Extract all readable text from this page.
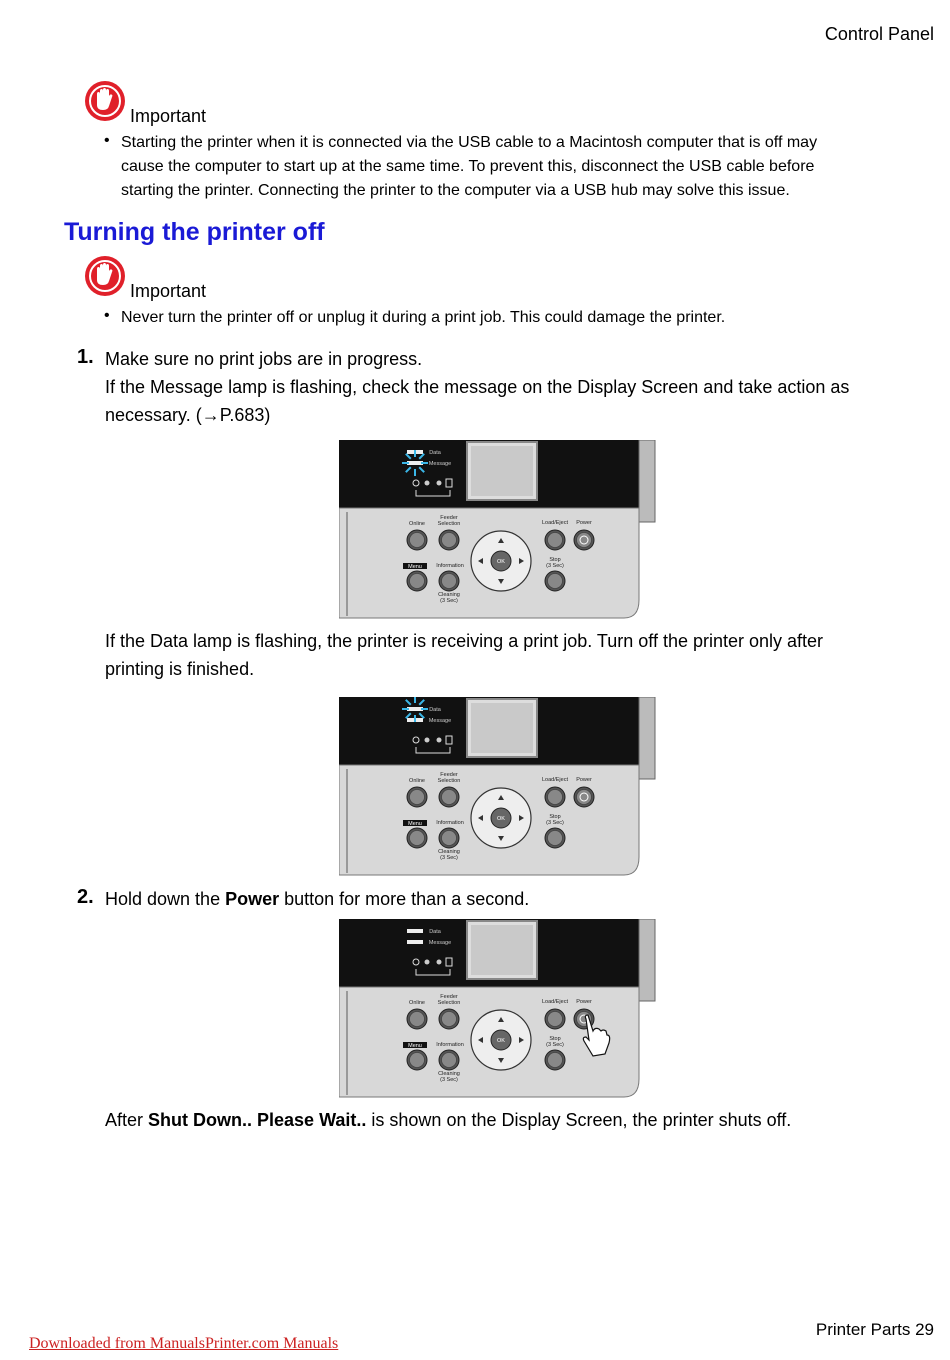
Control Panel
Important
• Starting the printer when it is connected via the USB cable to a Macintosh computer that is off may
cause the computer to start up at the same time. To prevent this, disconnect the USB cable before
starting the printer. Connecting the printer to the computer via a USB hub may solve this issue.
Turning the printer off
Important
• Never turn the printer off or unplug it during a print job. This could damage the printer.
1. Make sure no print jobs are in progress.
If the Message lamp is flashing, check the message on the Display Screen and take action as
necessary. (→P.683)
Data
Message
Feeder
Selection
Online	Load/Eject Power
Menu	Information
Cleaning
(3 Sec)
OK	Stop
(3 Sec)
If the Data lamp is flashing, the printer is receiving a print job. Turn off the printer only after
printing is finished.
Data
Message
Feeder
Selection
Online	Load/Eject Power
Menu	Information
Cleaning
(3 Sec)
OK	Stop
(3 Sec)
2. Hold down the Power button for more than a second.
Data
Message
Feeder
Selection
Online	Load/Eject Power
Menu	Information
Cleaning
(3 Sec)
OK	Stop
(3 Sec)
After Shut Down.. Please Wait.. is shown on the Display Screen, the printer shuts off.
Printer Parts 29
Downloaded from ManualsPrinter.com Manuals
